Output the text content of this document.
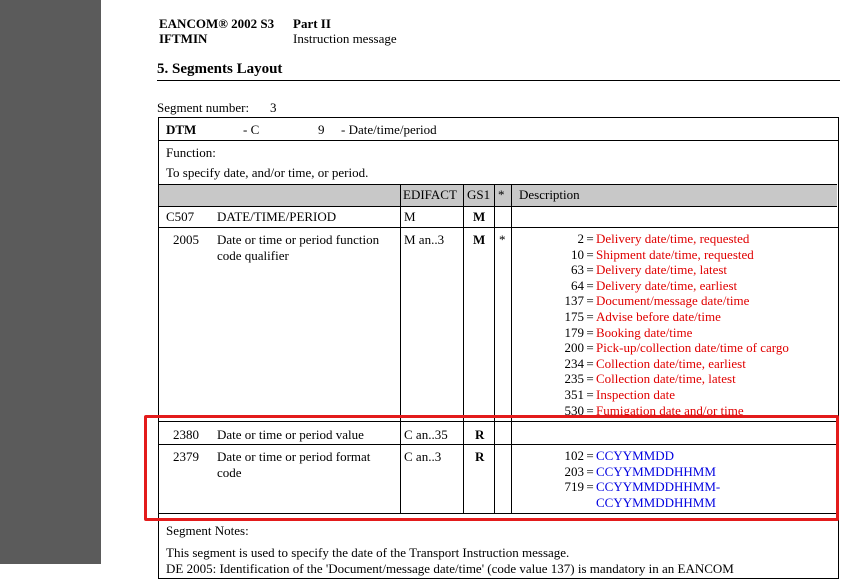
EANCOM® 2002 S3
IFTMIN
Part II
Instruction message
5. Segments Layout
Segment number: 3
DTM	- C	9 - Date/time/period
Function:
To specify date, and/or time, or period.
EDIFACT GS1 * Description
C507 DATE/TIME/PERIOD	M	M
2005 Date or time or period function
code qualifier
M an..3 M *	2 = Delivery date/time, requested
10 = Shipment date/time, requested
63 = Delivery date/time, latest
64 = Delivery date/time, earliest
137 = Document/message date/time
175 = Advise before date/time
179 = Booking date/time
200 = Pick-up/collection date/time of cargo
234 = Collection date/time, earliest
235 = Collection date/time, latest
351 = Inspection date
530 = Fumigation date and/or time
2380 Date or time or period value	C an..35 R
2379 Date or time or period format
code
C an..3	R	102 = CCYYMMDD
203 = CCYYMMDDHHMM
719 = CCYYMMDDHHMM-
CCYYMMDDHHMM
Segment Notes:
This segment is used to specify the date of the Transport Instruction message.
DE 2005: Identification of the 'Document/message date/time' (code value 137) is mandatory in an EANCOM
